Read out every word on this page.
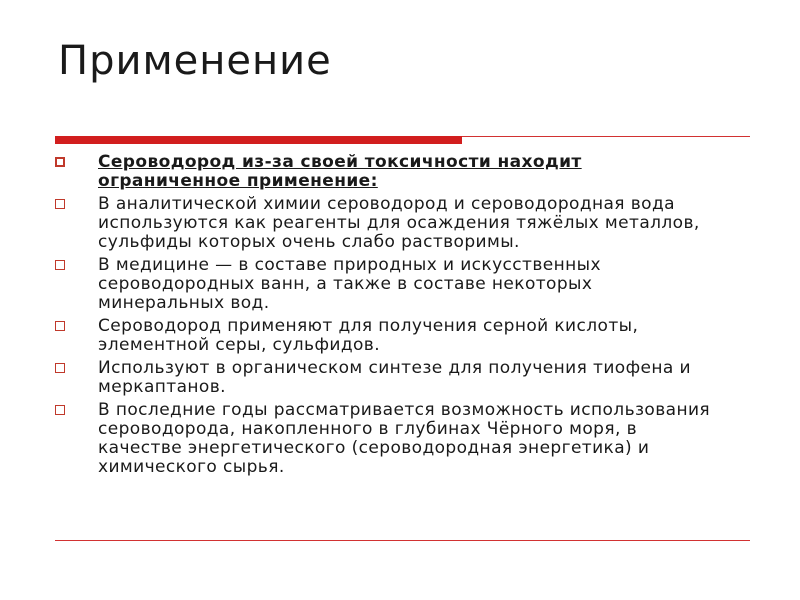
Применение
Сероводород из-за своей токсичности находит ограниченное применение:
В аналитической химии сероводород и сероводородная вода используются как реагенты для осаждения тяжёлых металлов, сульфиды которых очень слабо растворимы.
В медицине — в составе природных и искусственных сероводородных ванн, а также в составе некоторых минеральных вод.
Сероводород применяют для получения серной кислоты, элементной серы, сульфидов.
Используют в органическом синтезе для получения тиофена и меркаптанов.
В последние годы рассматривается возможность использования сероводорода, накопленного в глубинах Чёрного моря, в качестве энергетического (сероводородная энергетика) и химического сырья.
